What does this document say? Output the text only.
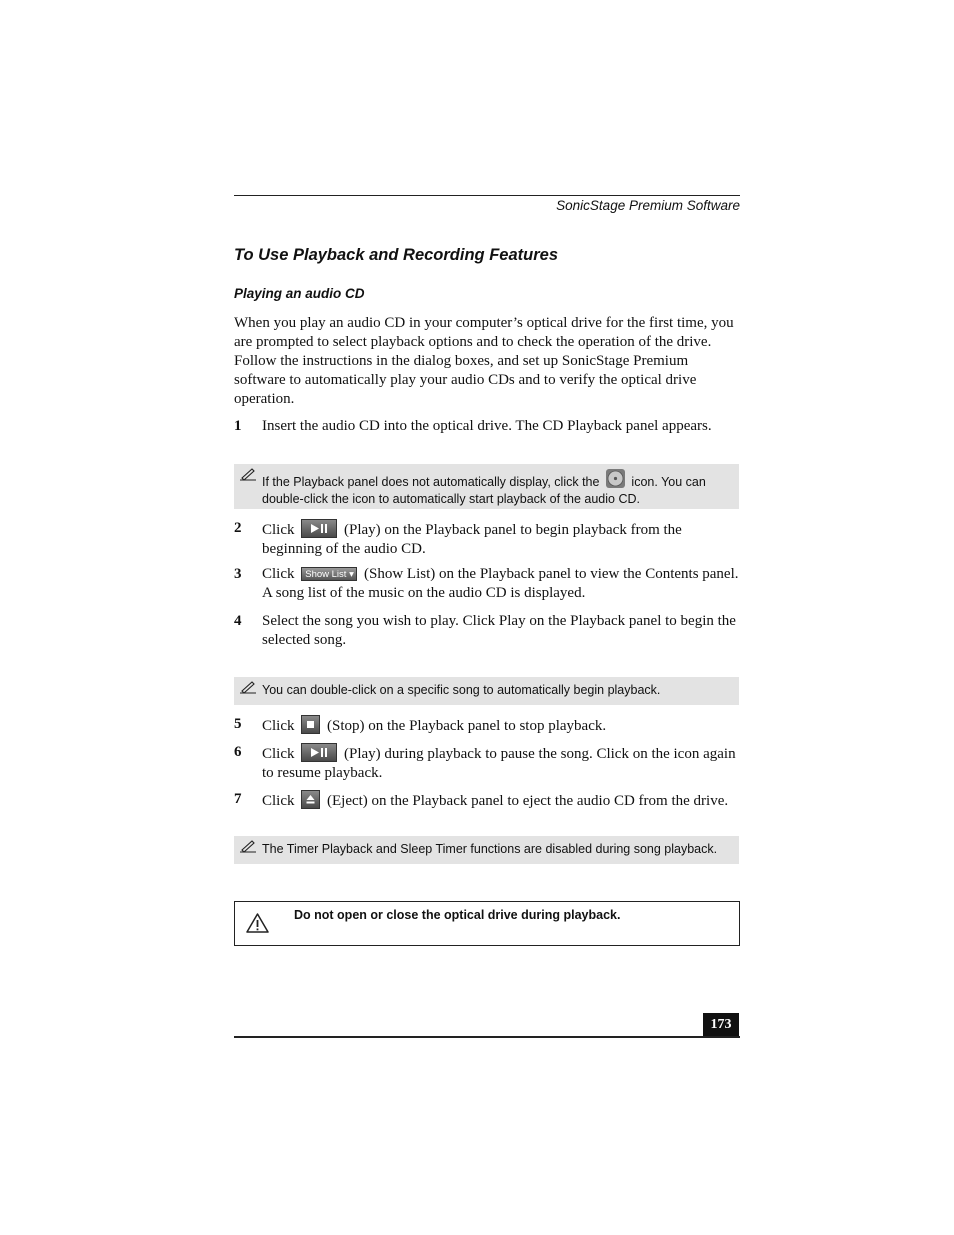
SonicStage Premium Software
To Use Playback and Recording Features
Playing an audio CD
When you play an audio CD in your computer’s optical drive for the first time, you are prompted to select playback options and to check the operation of the drive. Follow the instructions in the dialog boxes, and set up SonicStage Premium software to automatically play your audio CDs and to verify the optical drive operation.
1 Insert the audio CD into the optical drive. The CD Playback panel appears.
If the Playback panel does not automatically display, click the	icon. You can double-click the icon to automatically start playback of the audio CD.
2 Click	(Play) on the Playback panel to begin playback from the beginning of the audio CD.
3 Click Show List ▾ (Show List) on the Playback panel to view the Contents panel. A song list of the music on the audio CD is displayed.
4 Select the song you wish to play. Click Play on the Playback panel to begin the selected song.
You can double-click on a specific song to automatically begin playback.
5 Click (Stop) on the Playback panel to stop playback.
6 Click	(Play) during playback to pause the song. Click on the icon again to resume playback.
7 Click (Eject) on the Playback panel to eject the audio CD from the drive.
The Timer Playback and Sleep Timer functions are disabled during song playback.
Do not open or close the optical drive during playback.
173
